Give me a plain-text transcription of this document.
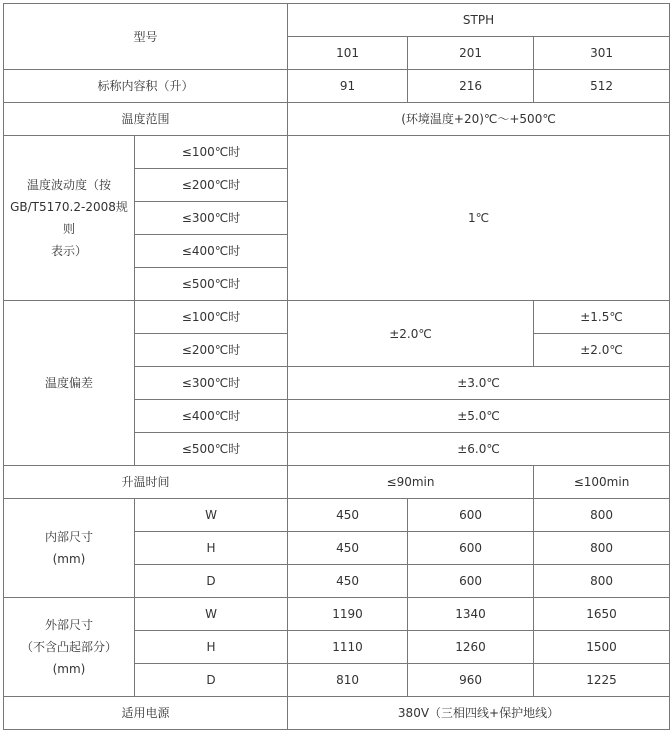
型号		STPH		
		101	201	301
标称内容积（升）		91	216	512
温度范围		(环境温度+20)℃～+500℃		
温度波动度（按
GB/T5170.2-2008规则
表示）	≤100℃时	1℃		
	≤200℃时			
	≤300℃时			
	≤400℃时			
	≤500℃时			
温度偏差	≤100℃时	±2.0℃		±1.5℃
	≤200℃时			±2.0℃
	≤300℃时	±3.0℃		
	≤400℃时	±5.0℃		
	≤500℃时	±6.0℃		
升温时间		≤90min		≤100min
内部尺寸
(mm)	W	450	600	800
	H	450	600	800
	D	450	600	800
外部尺寸
（不含凸起部分）
(mm)	W	1190	1340	1650
	H	1110	1260	1500
	D	810	960	1225
适用电源		380V（三相四线+保护地线）		
